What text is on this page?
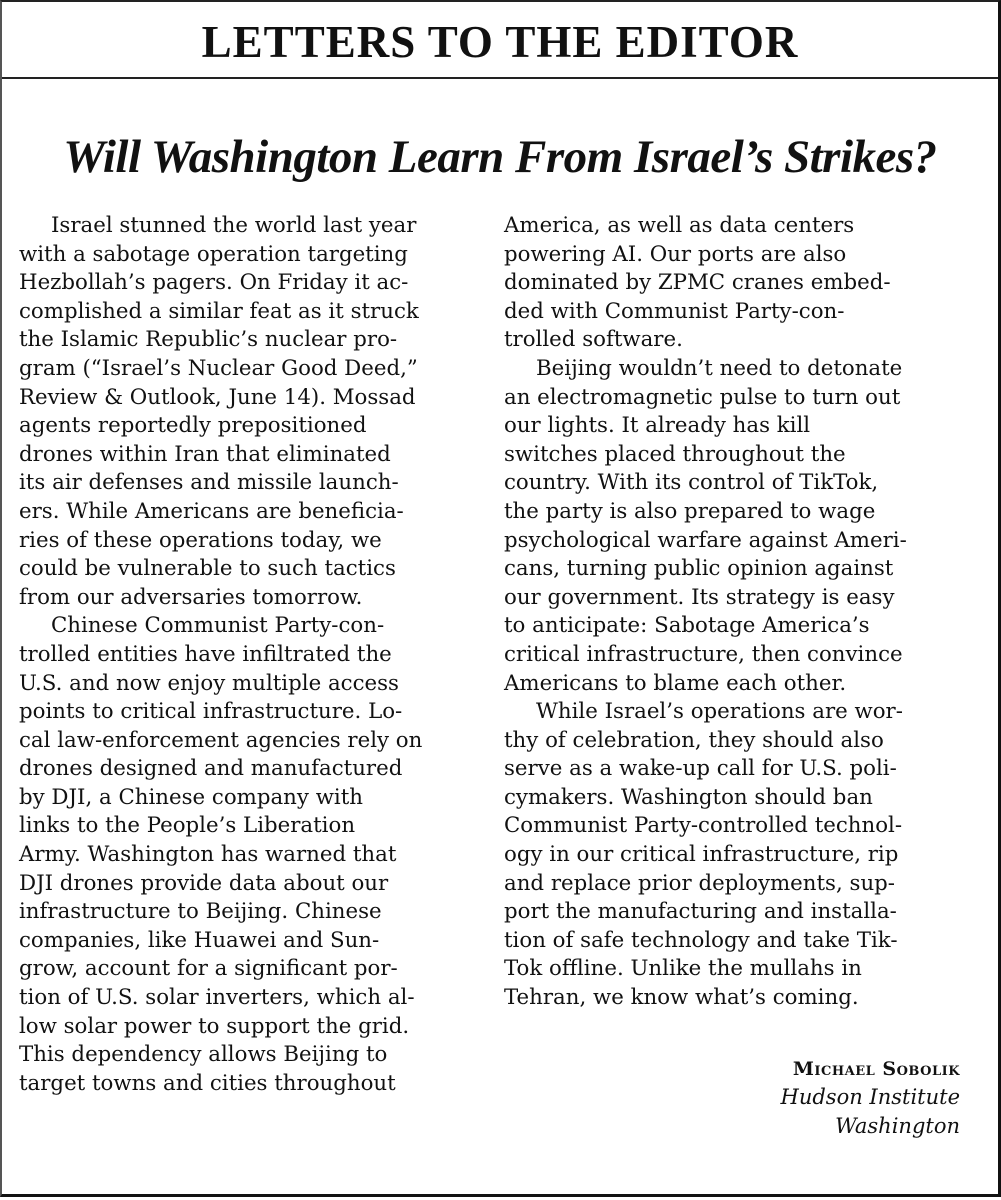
LETTERS TO THE EDITOR
Will Washington Learn From Israel’s Strikes?
Israel stunned the world last year
with a sabotage operation targeting
Hezbollah’s pagers. On Friday it ac-
complished a similar feat as it struck
the Islamic Republic’s nuclear pro-
gram (“Israel’s Nuclear Good Deed,”
Review & Outlook, June 14). Mossad
agents reportedly prepositioned
drones within Iran that eliminated
its air defenses and missile launch-
ers. While Americans are beneficia-
ries of these operations today, we
could be vulnerable to such tactics
from our adversaries tomorrow.
Chinese Communist Party-con-
trolled entities have infiltrated the
U.S. and now enjoy multiple access
points to critical infrastructure. Lo-
cal law-enforcement agencies rely on
drones designed and manufactured
by DJI, a Chinese company with
links to the People’s Liberation
Army. Washington has warned that
DJI drones provide data about our
infrastructure to Beijing. Chinese
companies, like Huawei and Sun-
grow, account for a significant por-
tion of U.S. solar inverters, which al-
low solar power to support the grid.
This dependency allows Beijing to
target towns and cities throughout
America, as well as data centers
powering AI. Our ports are also
dominated by ZPMC cranes embed-
ded with Communist Party-con-
trolled software.
Beijing wouldn’t need to detonate
an electromagnetic pulse to turn out
our lights. It already has kill
switches placed throughout the
country. With its control of TikTok,
the party is also prepared to wage
psychological warfare against Ameri-
cans, turning public opinion against
our government. Its strategy is easy
to anticipate: Sabotage America’s
critical infrastructure, then convince
Americans to blame each other.
While Israel’s operations are wor-
thy of celebration, they should also
serve as a wake-up call for U.S. poli-
cymakers. Washington should ban
Communist Party-controlled technol-
ogy in our critical infrastructure, rip
and replace prior deployments, sup-
port the manufacturing and installa-
tion of safe technology and take Tik-
Tok offline. Unlike the mullahs in
Tehran, we know what’s coming.
Michael Sobolik
Hudson Institute
Washington
